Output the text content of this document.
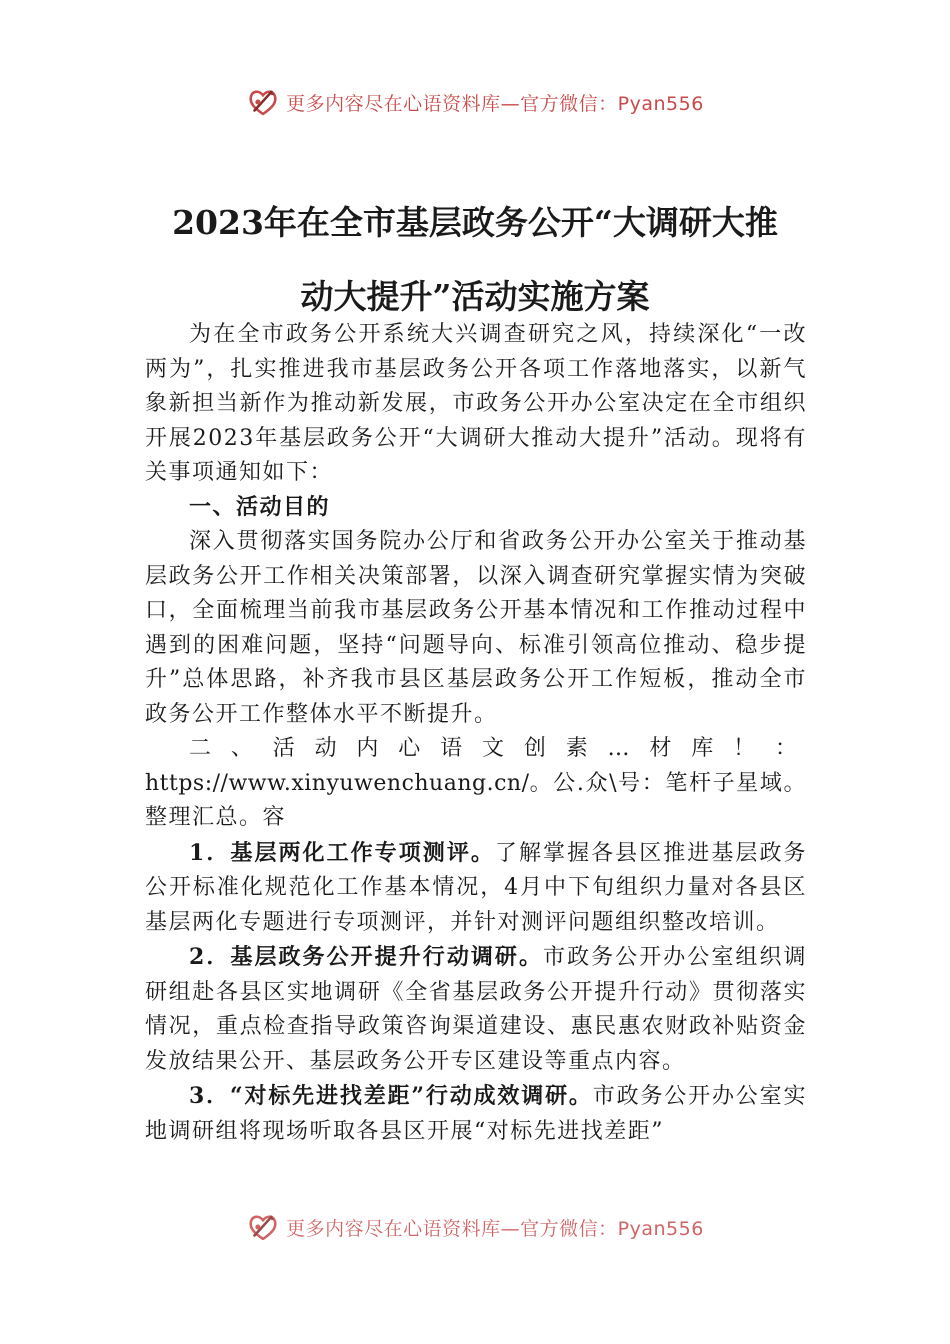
更多内容尽在心语资料库—官方微信：Pyan556
2023年在全市基层政务公开“大调研大推
动大提升”活动实施方案

为在全市政务公开系统大兴调查研究之风，持续深化“一改两为”，扎实推进我市基层政务公开各项工作落地落实，以新气象新担当新作为推动新发展，市政务公开办公室决定在全市组织开展2023年基层政务公开“大调研大推动大提升”活动。现将有关事项通知如下：

一、活动目的

深入贯彻落实国务院办公厅和省政务公开办公室关于推动基层政务公开工作相关决策部署，以深入调查研究掌握实情为突破口，全面梳理当前我市基层政务公开基本情况和工作推动过程中遇到的困难问题，坚持“问题导向、标准引领高位推动、稳步提升”总体思路，补齐我市县区基层政务公开工作短板，推动全市政务公开工作整体水平不断提升。

二、活动内心语文创素…材库！：https://www.xinyuwenchuang.cn/。公.众\号：笔杆子星域。整理汇总。容

1．基层两化工作专项测评。了解掌握各县区推进基层政务公开标准化规范化工作基本情况，4月中下旬组织力量对各县区基层两化专题进行专项测评，并针对测评问题组织整改培训。

2．基层政务公开提升行动调研。市政务公开办公室组织调研组赴各县区实地调研《全省基层政务公开提升行动》贯彻落实情况，重点检查指导政策咨询渠道建设、惠民惠农财政补贴资金发放结果公开、基层政务公开专区建设等重点内容。

3．“对标先进找差距”行动成效调研。市政务公开办公室实地调研组将现场听取各县区开展“对标先进找差距”

更多内容尽在心语资料库—官方微信：Pyan556
